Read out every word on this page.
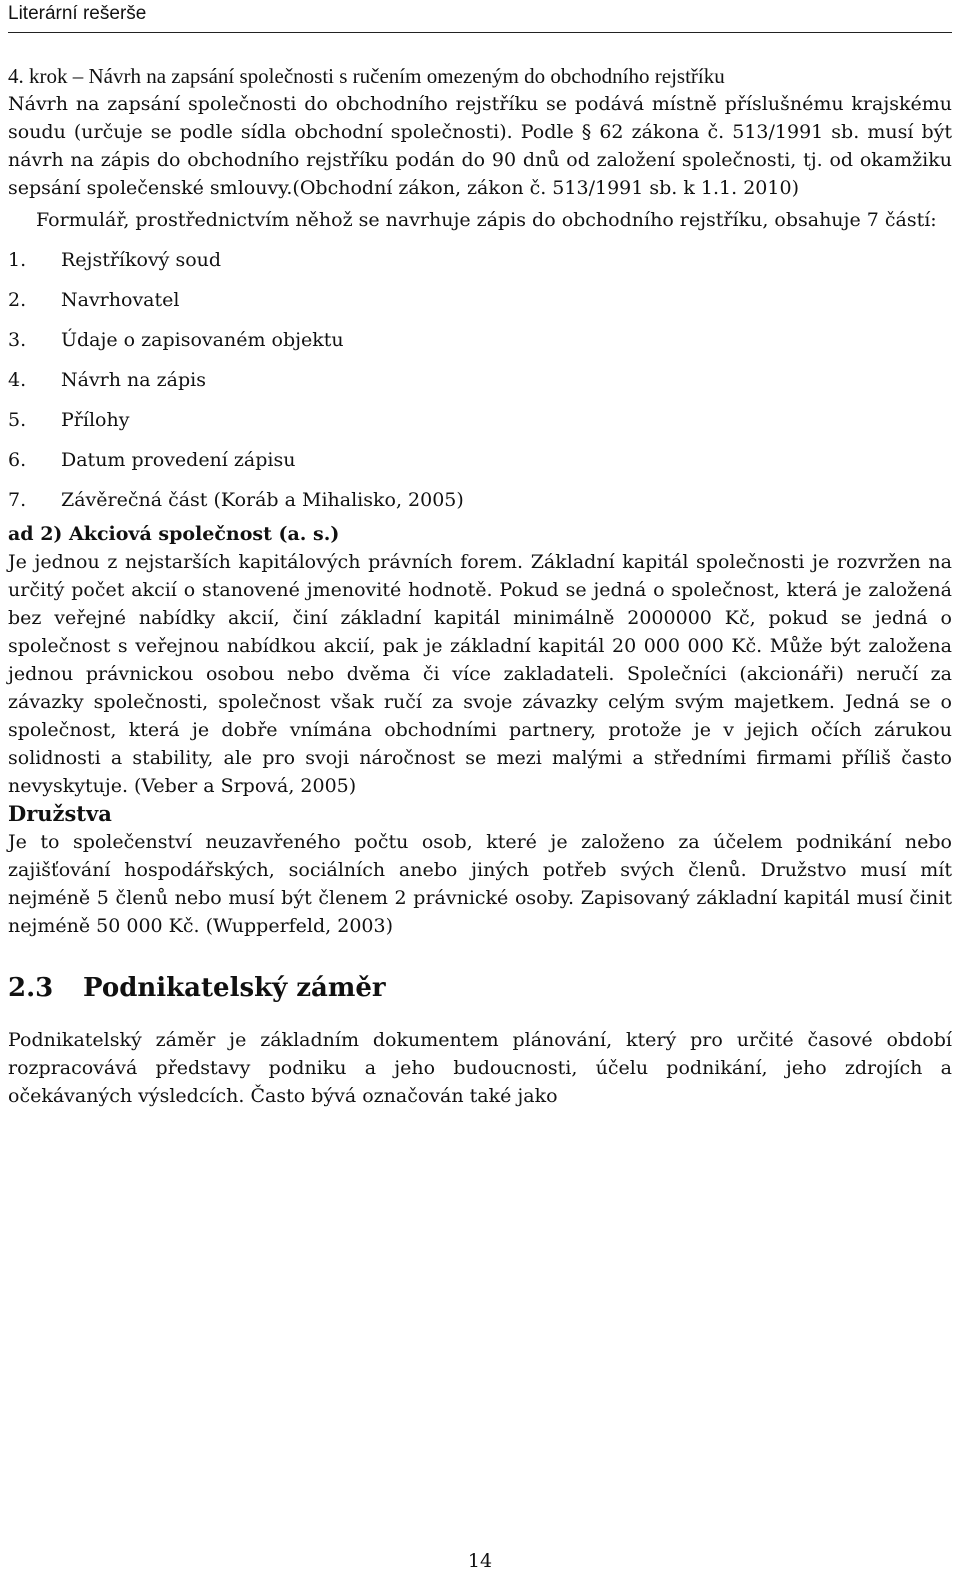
Literární rešerše

4. krok – Návrh na zapsání společnosti s ručením omezeným do obchodního rejstříku

Návrh na zapsání společnosti do obchodního rejstříku se podává místně příslušnému krajskému soudu (určuje se podle sídla obchodní společnosti). Podle § 62 zákona č. 513/1991 sb. musí být návrh na zápis do obchodního rejstříku podán do 90 dnů od založení společnosti, tj. od okamžiku sepsání společenské smlouvy.(Obchodní zákon, zákon č. 513/1991 sb. k 1.1. 2010)

Formulář, prostřednictvím něhož se navrhuje zápis do obchodního rejstříku, obsahuje 7 částí:

1. Rejstříkový soud
2. Navrhovatel
3. Údaje o zapisovaném objektu
4. Návrh na zápis
5. Přílohy
6. Datum provedení zápisu
7. Závěrečná část (Koráb a Mihalisko, 2005)

ad 2) Akciová společnost (a. s.)

Je jednou z nejstarších kapitálových právních forem. Základní kapitál společnosti je rozvržen na určitý počet akcií o stanovené jmenovité hodnotě. Pokud se jedná o společnost, která je založená bez veřejné nabídky akcií, činí základní kapitál minimálně 2000000 Kč, pokud se jedná o společnost s veřejnou nabídkou akcií, pak je základní kapitál 20 000 000 Kč. Může být založena jednou právnickou osobou nebo dvěma či více zakladateli. Společníci (akcionáři) neručí za závazky společnosti, společnost však ručí za svoje závazky celým svým majetkem. Jedná se o společnost, která je dobře vnímána obchodními partnery, protože je v jejich očích zárukou solidnosti a stability, ale pro svoji náročnost se mezi malými a středními firmami příliš často nevyskytuje. (Veber a Srpová, 2005)

Družstva

Je to společenství neuzavřeného počtu osob, které je založeno za účelem podnikání nebo zajišťování hospodářských, sociálních anebo jiných potřeb svých členů. Družstvo musí mít nejméně 5 členů nebo musí být členem 2 právnické osoby. Zapisovaný základní kapitál musí činit nejméně 50 000 Kč. (Wupperfeld, 2003)

2.3	Podnikatelský záměr

Podnikatelský záměr je základním dokumentem plánování, který pro určité časové období rozpracovává představy podniku a jeho budoucnosti, účelu podnikání, jeho zdrojích a očekávaných výsledcích. Často bývá označován také jako

14
